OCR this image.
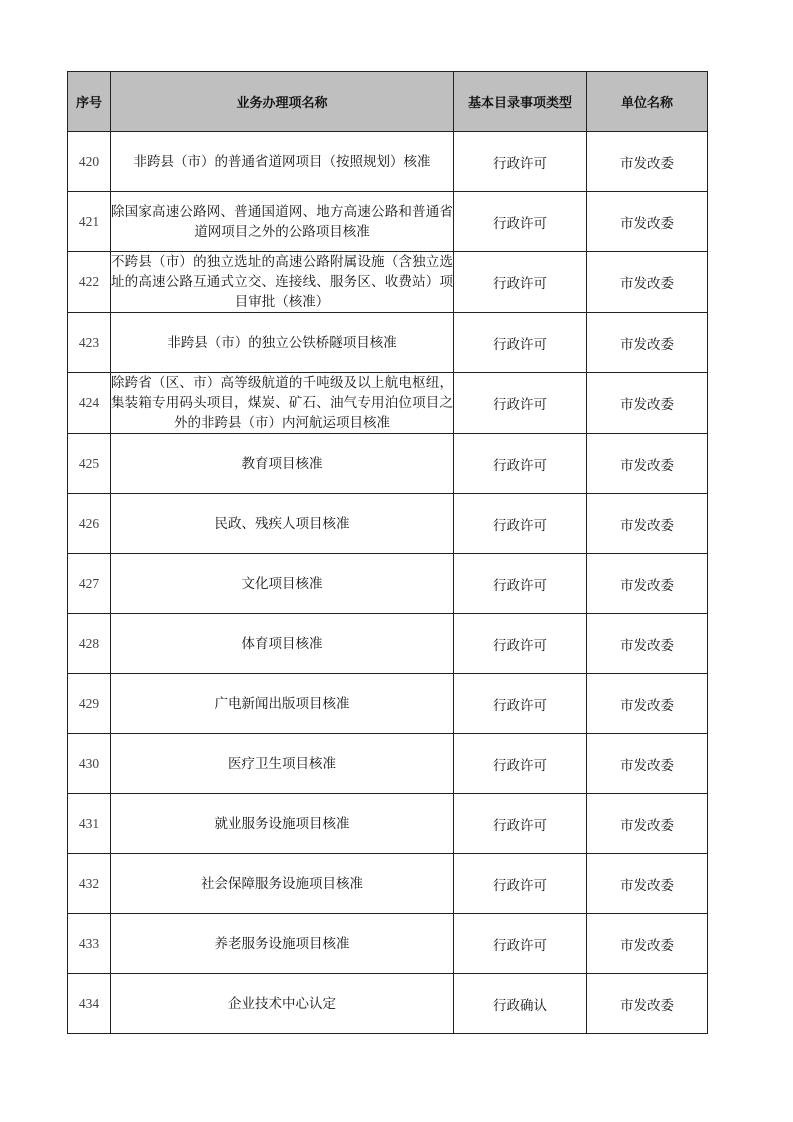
序号	业务办理项名称	基本目录事项类型	单位名称
420	非跨县（市）的普通省道网项目（按照规划）核准	行政许可	市发改委
421	除国家高速公路网、普通国道网、地方高速公路和普通省道网项目之外的公路项目核准	行政许可	市发改委
422	不跨县（市）的独立选址的高速公路附属设施（含独立选址的高速公路互通式立交、连接线、服务区、收费站）项目审批（核准）	行政许可	市发改委
423	非跨县（市）的独立公铁桥隧项目核准	行政许可	市发改委
424	除跨省（区、市）高等级航道的千吨级及以上航电枢纽，集装箱专用码头项目，煤炭、矿石、油气专用泊位项目之外的非跨县（市）内河航运项目核准	行政许可	市发改委
425	教育项目核准	行政许可	市发改委
426	民政、残疾人项目核准	行政许可	市发改委
427	文化项目核准	行政许可	市发改委
428	体育项目核准	行政许可	市发改委
429	广电新闻出版项目核准	行政许可	市发改委
430	医疗卫生项目核准	行政许可	市发改委
431	就业服务设施项目核准	行政许可	市发改委
432	社会保障服务设施项目核准	行政许可	市发改委
433	养老服务设施项目核准	行政许可	市发改委
434	企业技术中心认定	行政确认	市发改委
